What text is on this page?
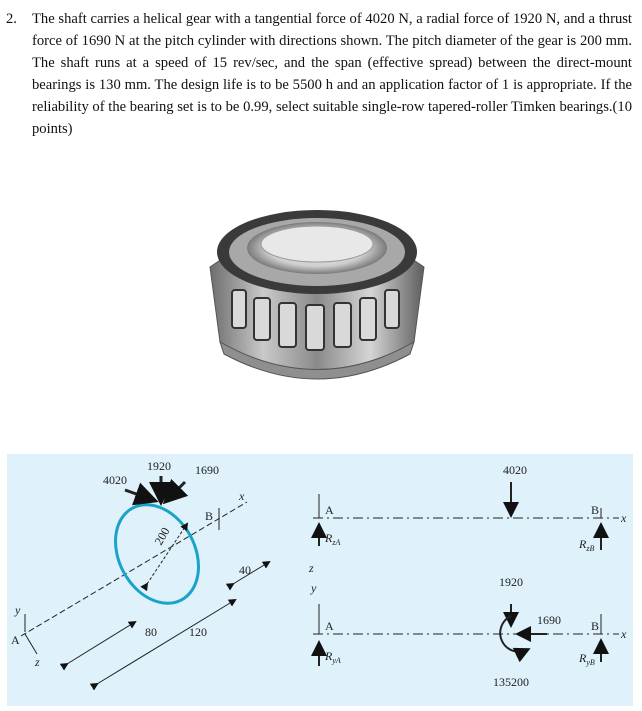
2. The shaft carries a helical gear with a tangential force of 4020 N, a radial force of 1920 N, and a thrust force of 1690 N at the pitch cylinder with directions shown. The pitch diameter of the gear is 200 mm. The shaft runs at a speed of 15 rev/sec, and the span (effective spread) between the direct-mount bearings is 130 mm. The design life is to be 5500 h and an application factor of 1 is appropriate. If the reliability of the bearing set is to be 0.99, select suitable single-row tapered-roller Timken bearings.(10 points)
1920
4020
1690
B
x
200
40
80	120
y
A
z
4020
A	B
x
z
$R_{zA}$	$R_{zB}$
1920
1690
135200
A	B
x
y
$R_{yA}$	$R_{yB}$
